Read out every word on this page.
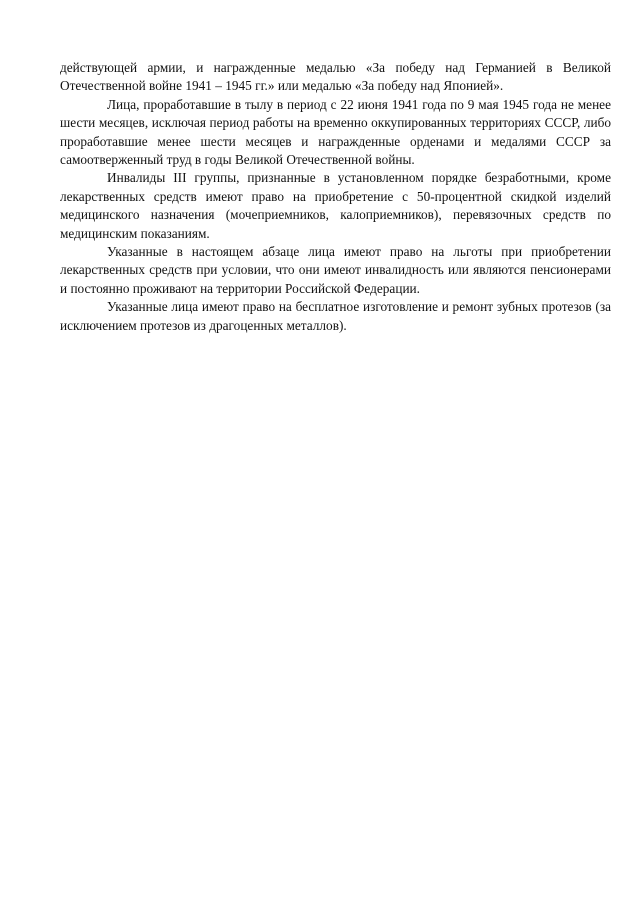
действующей армии, и награжденные медалью «За победу над Германией в Великой Отечественной войне 1941 – 1945 гг.» или медалью «За победу над Японией».

Лица, проработавшие в тылу в период с 22 июня 1941 года по 9 мая 1945 года не менее шести месяцев, исключая период работы на временно оккупированных территориях СССР, либо проработавшие менее шести месяцев и награжденные орденами и медалями СССР за самоотверженный труд в годы Великой Отечественной войны.

Инвалиды III группы, признанные в установленном порядке безработными, кроме лекарственных средств имеют право на приобретение с 50-процентной скидкой изделий медицинского назначения (мочеприемников, калоприемников), перевязочных средств по медицинским показаниям.

Указанные в настоящем абзаце лица имеют право на льготы при приобретении лекарственных средств при условии, что они имеют инвалидность или являются пенсионерами и постоянно проживают на территории Российской Федерации.

Указанные лица имеют право на бесплатное изготовление и ремонт зубных протезов (за исключением протезов из драгоценных металлов).
